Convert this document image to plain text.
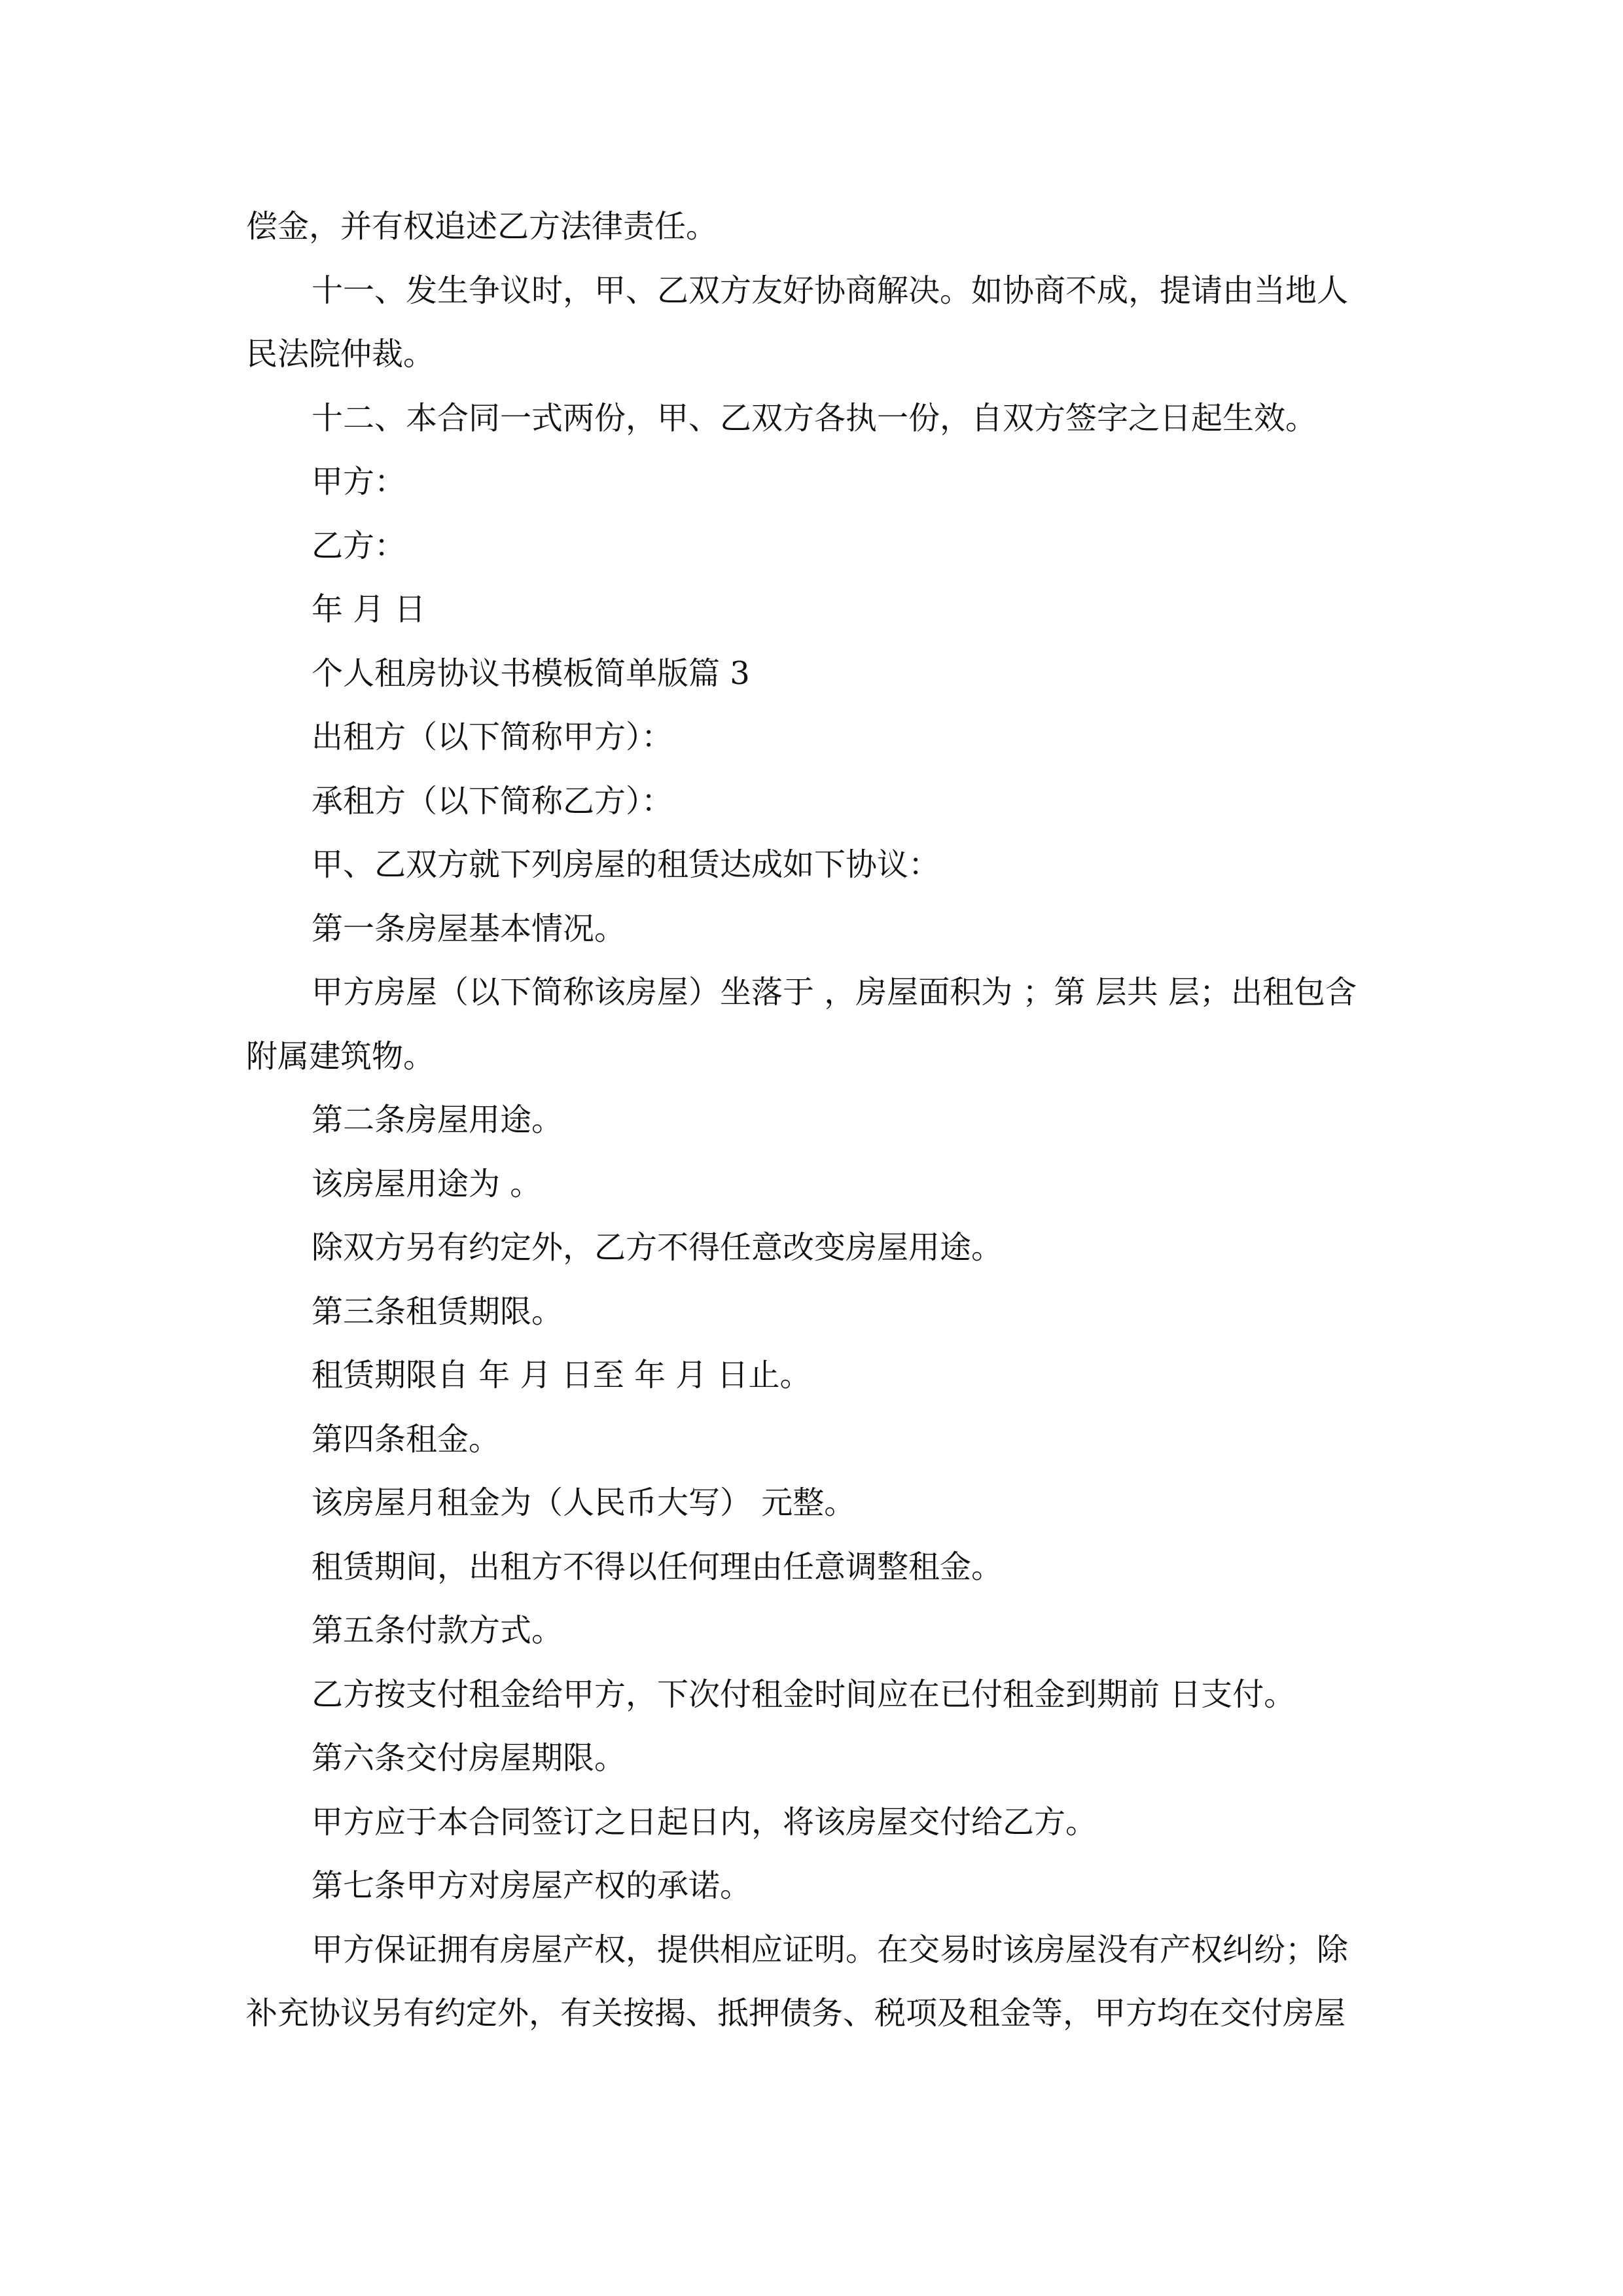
偿金，并有权追述乙方法律责任。

十一、发生争议时，甲、乙双方友好协商解决。如协商不成，提请由当地人民法院仲裁。

十二、本合同一式两份，甲、乙双方各执一份，自双方签字之日起生效。

甲方：

乙方：

年 月 日

个人租房协议书模板简单版篇 3

出租方（以下简称甲方）：

承租方（以下简称乙方）：

甲、乙双方就下列房屋的租赁达成如下协议：

第一条房屋基本情况。

甲方房屋（以下简称该房屋）坐落于 ，房屋面积为 ；第 层共 层；出租包含附属建筑物。

第二条房屋用途。

该房屋用途为 。

除双方另有约定外，乙方不得任意改变房屋用途。

第三条租赁期限。

租赁期限自 年 月 日至 年 月 日止。

第四条租金。

该房屋月租金为（人民币大写） 元整。

租赁期间，出租方不得以任何理由任意调整租金。

第五条付款方式。

乙方按支付租金给甲方，下次付租金时间应在已付租金到期前 日支付。

第六条交付房屋期限。

甲方应于本合同签订之日起日内，将该房屋交付给乙方。

第七条甲方对房屋产权的承诺。

甲方保证拥有房屋产权，提供相应证明。在交易时该房屋没有产权纠纷；除补充协议另有约定外，有关按揭、抵押债务、税项及租金等，甲方均在交付房屋
